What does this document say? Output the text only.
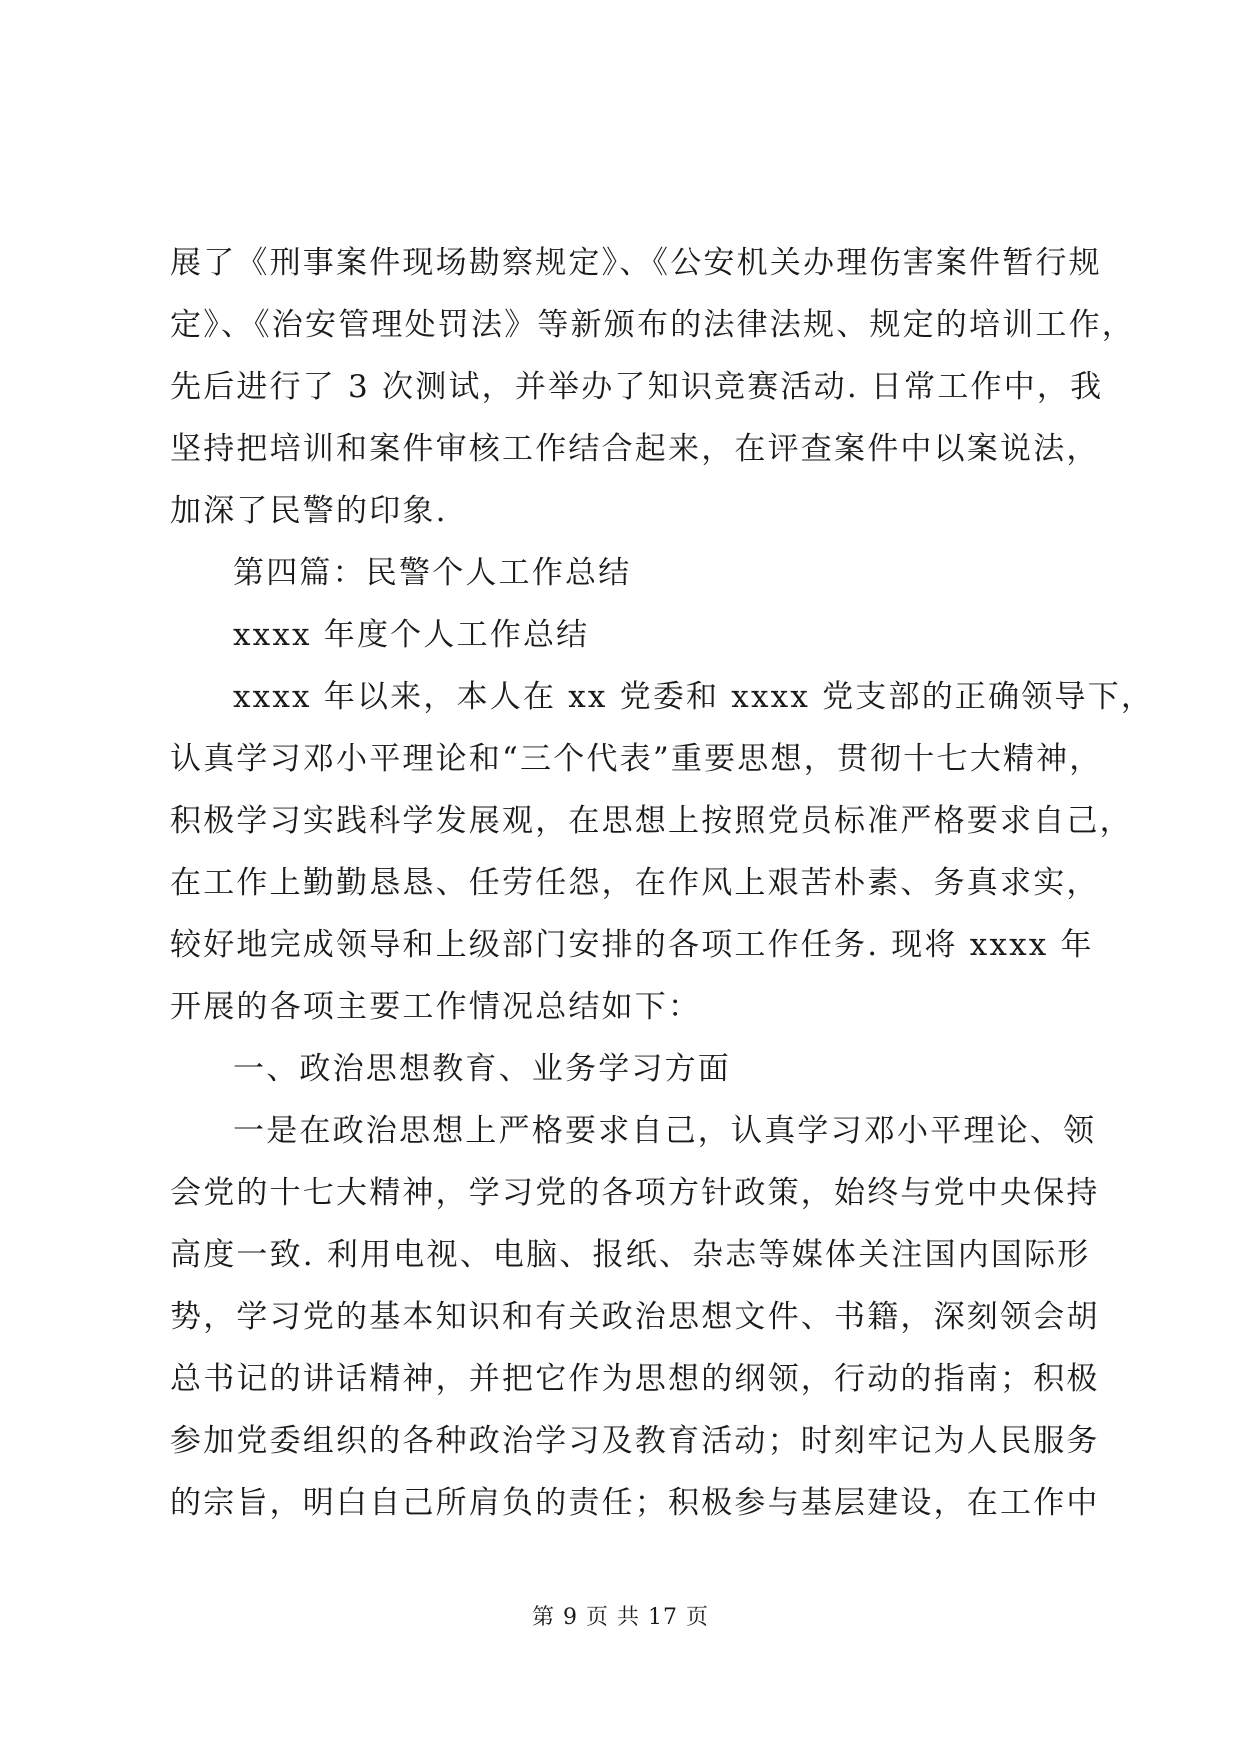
展了《刑事案件现场勘察规定》、《公安机关办理伤害案件暂行规
定》、《治安管理处罚法》等新颁布的法律法规、规定的培训工作，
先后进行了 3 次测试，并举办了知识竞赛活动. 日常工作中，我
坚持把培训和案件审核工作结合起来，在评查案件中以案说法，
加深了民警的印象.
第四篇：民警个人工作总结
xxxx 年度个人工作总结
xxxx 年以来，本人在 xx 党委和 xxxx 党支部的正确领导下，
认真学习邓小平理论和“三个代表”重要思想，贯彻十七大精神，
积极学习实践科学发展观，在思想上按照党员标准严格要求自己，
在工作上勤勤恳恳、任劳任怨，在作风上艰苦朴素、务真求实，
较好地完成领导和上级部门安排的各项工作任务. 现将 xxxx 年
开展的各项主要工作情况总结如下：
一、政治思想教育、业务学习方面
一是在政治思想上严格要求自己，认真学习邓小平理论、领
会党的十七大精神，学习党的各项方针政策，始终与党中央保持
高度一致. 利用电视、电脑、报纸、杂志等媒体关注国内国际形
势，学习党的基本知识和有关政治思想文件、书籍，深刻领会胡
总书记的讲话精神，并把它作为思想的纲领，行动的指南；积极
参加党委组织的各种政治学习及教育活动；时刻牢记为人民服务
的宗旨，明白自己所肩负的责任；积极参与基层建设，在工作中
第 9 页 共 17 页
